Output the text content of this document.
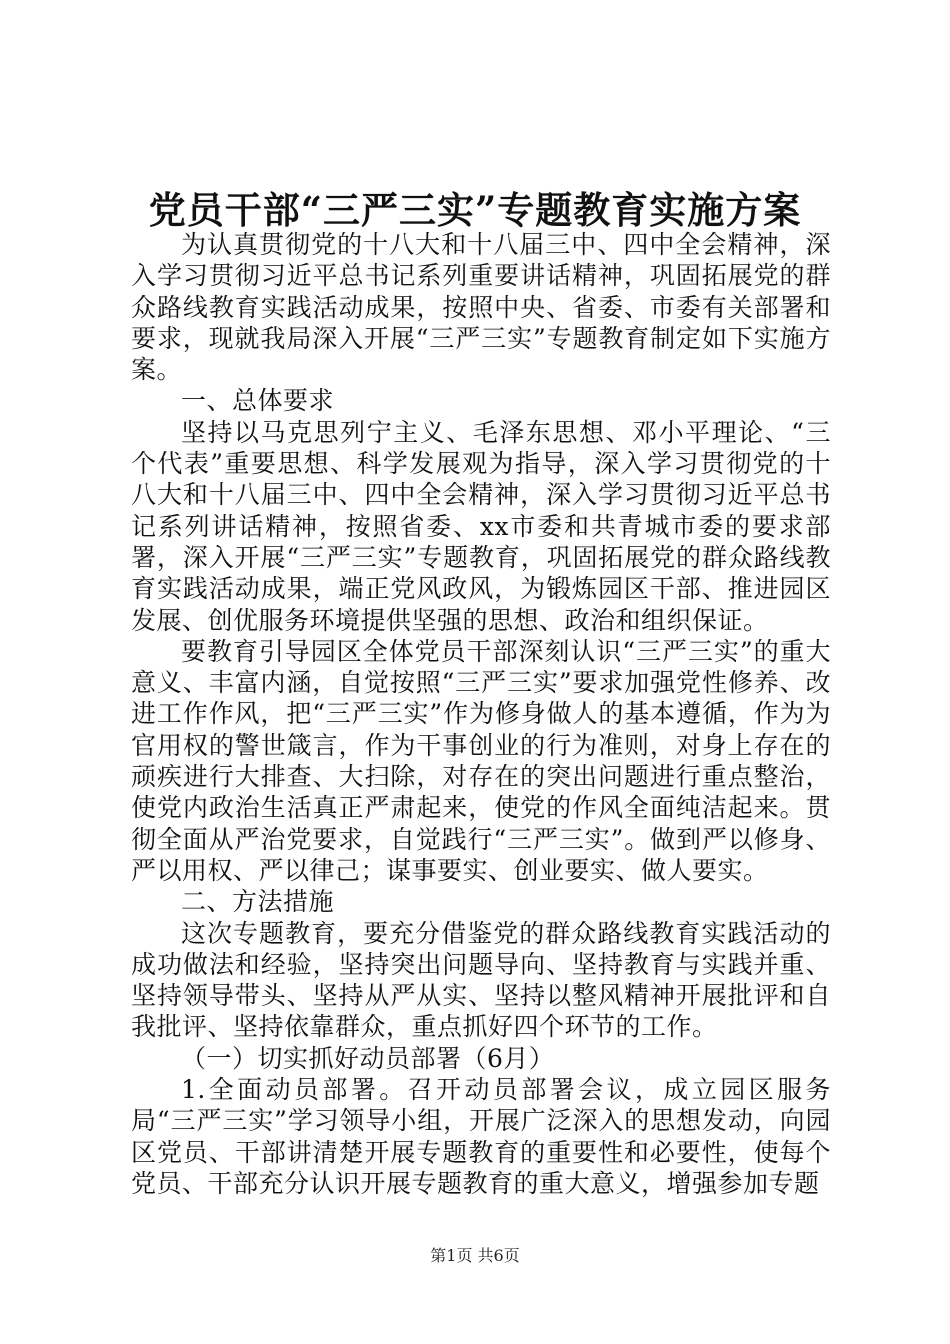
党员干部“三严三实”专题教育实施方案

为认真贯彻党的十八大和十八届三中、四中全会精神，深入学习贯彻习近平总书记系列重要讲话精神，巩固拓展党的群众路线教育实践活动成果，按照中央、省委、市委有关部署和要求，现就我局深入开展“三严三实”专题教育制定如下实施方案。

一、总体要求

坚持以马克思列宁主义、毛泽东思想、邓小平理论、“三个代表”重要思想、科学发展观为指导，深入学习贯彻党的十八大和十八届三中、四中全会精神，深入学习贯彻习近平总书记系列讲话精神，按照省委、xx市委和共青城市委的要求部署，深入开展“三严三实”专题教育，巩固拓展党的群众路线教育实践活动成果，端正党风政风，为锻炼园区干部、推进园区发展、创优服务环境提供坚强的思想、政治和组织保证。

要教育引导园区全体党员干部深刻认识“三严三实”的重大意义、丰富内涵，自觉按照“三严三实”要求加强党性修养、改进工作作风，把“三严三实”作为修身做人的基本遵循，作为为官用权的警世箴言，作为干事创业的行为准则，对身上存在的顽疾进行大排查、大扫除，对存在的突出问题进行重点整治，使党内政治生活真正严肃起来，使党的作风全面纯洁起来。贯彻全面从严治党要求，自觉践行“三严三实”。做到严以修身、严以用权、严以律己；谋事要实、创业要实、做人要实。

二、方法措施

这次专题教育，要充分借鉴党的群众路线教育实践活动的成功做法和经验，坚持突出问题导向、坚持教育与实践并重、坚持领导带头、坚持从严从实、坚持以整风精神开展批评和自我批评、坚持依靠群众，重点抓好四个环节的工作。

（一）切实抓好动员部署（6月）

1.全面动员部署。召开动员部署会议，成立园区服务局“三严三实”学习领导小组，开展广泛深入的思想发动，向园区党员、干部讲清楚开展专题教育的重要性和必要性，使每个党员、干部充分认识开展专题教育的重大意义，增强参加专题

第1页 共6页
